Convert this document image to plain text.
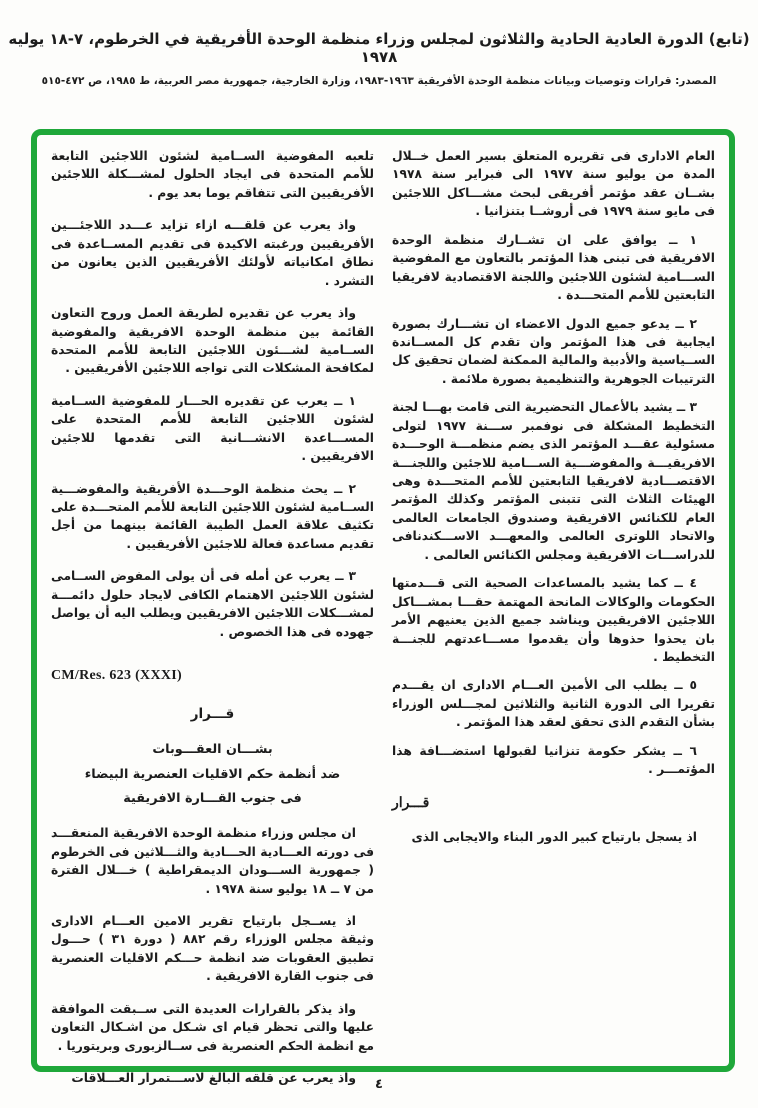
(تابع) الدورة العادية الحادية والثلاثون لمجلس وزراء منظمة الوحدة الأفريقية في الخرطوم، ٧-١٨ يوليه ١٩٧٨
المصدر: قرارات وتوصيات وبيانات منظمة الوحدة الأفريقية ١٩٦٣-١٩٨٣، وزارة الخارجية، جمهورية مصر العربية، ط ١٩٨٥، ص ٤٧٢-٥١٥

العام الادارى فى تقريره المتعلق بسير العمل خــلال المدة من يوليو سنة ١٩٧٧ الى فبراير سنة ١٩٧٨ بشــان عقد مؤتمر أفريقى لبحث مشـــاكل اللاجئين فى مايو سنة ١٩٧٩ فى أروشــا بتنزانيا .

١ ــ يوافق على ان تشــارك منظمة الوحدة الافريقية فى تبنى هذا المؤتمر بالتعاون مع المفوضية الســـامية لشئون اللاجئين واللجنة الاقتصادية لافريقيا التابعتين للأمم المتحـــدة .

٢ ــ يدعو جميع الدول الاعضاء ان تشـــارك بصورة ايجابية فى هذا المؤتمر وان تقدم كل المســاندة الســياسية والأدبية والمالية الممكنة لضمان تحقيق كل الترتيبات الجوهرية والتنظيمية بصورة ملائمة .

٣ ــ يشيد بالأعمال التحضيرية التى قامت بهـــا لجنة التخطيط المشكلة فى نوفمبر ســـنة ١٩٧٧ لتولى مسئولية عقـــد المؤتمر الذى يضم منظمـــة الوحـــدة الافريقيـــة والمفوضـــية الســـامية للاجئين واللجنـــة الاقتصـــادية لافريقيا التابعتين للأمم المتحـــدة وهى الهيئات الثلاث التى تتبنى المؤتمر وكذلك المؤتمر العام للكنائس الافريقية وصندوق الجامعات العالمى والاتحاد اللوترى العالمى والمعهـــد الاســـكندنافى للدراســـات الافريقية ومجلس الكنائس العالمى .

٤ ــ كما يشيد بالمساعدات الصحية التى قـــدمتها الحكومات والوكالات المانحة المهتمة حقـــا بمشـــاكل اللاجئين الافريقيين ويناشد جميع الذين يعنيهم الأمر بان يحذوا حذوها وأن يقدموا مســـاعدتهم للجنـــة التخطيط .

٥ ــ يطلب الى الأمين العـــام الادارى ان يقـــدم تقريرا الى الدورة الثانية والثلاثين لمجـــلس الوزراء بشأن التقدم الذى تحقق لعقد هذا المؤتمر .

٦ ــ يشكر حكومة تنزانيا لقبولها استضـــافة هذا المؤتمـــر .

قـــرار

اذ يسجل بارتياح كبير الدور البناء والايجابى الذى

تلعبه المفوضية الســامية لشئون اللاجئين التابعة للأمم المتحدة فى ايجاد الحلول لمشـــكلة اللاجئين الأفريقيين التى تتفاقم يوما بعد يوم .

واذ يعرب عن قلقـــه ازاء تزايد عـــدد اللاجئـــين الأفريقيين ورغبته الاكيدة فى تقديم المســاعدة فى نطاق امكانياته لأولئك الأفريقيين الذين يعانون من التشرد .

واذ يعرب عن تقديره لطريقة العمل وروح التعاون القائمة بين منظمة الوحدة الافريقية والمفوضية الســامية لشـــئون اللاجئين التابعة للأمم المتحدة لمكافحة المشكلات التى تواجه اللاجئين الأفريقيين .

١ ــ يعرب عن تقديره الحـــار للمفوضية الســامية لشئون اللاجئين التابعة للأمم المتحدة على المســـاعدة الانشـــانية التى تقدمها للاجئين الافريقيين .

٢ ــ يحث منظمة الوحـــدة الأفريقية والمفوضـــية الســامية لشئون اللاجئين التابعة للأمم المتحـــدة على تكثيف علاقة العمل الطيبة القائمة بينهما من أجل تقديم مساعدة فعالة للاجئين الأفريقيين .

٣ ــ يعرب عن أمله فى أن يولى المفوض الســامى لشئون اللاجئين الاهتمام الكافى لايجاد حلول دائمـــة لمشـــكلات اللاجئين الافريقيين ويطلب اليه أن يواصل جهوده فى هذا الخصوص .

CM/Res. 623 (XXXI)
قـــرار
بشـــان العقـــوبات
ضد أنظمة حكم الاقليات العنصرية البيضاء
فى جنوب القـــارة الافريقية

ان مجلس وزراء منظمة الوحدة الافريقية المنعقـــد فى دورته العـــادية الحـــادية والثـــلاثين فى الخرطوم ( جمهورية الســـودان الديمقراطية ) خـــلال الفترة من ٧ ــ ١٨ يوليو سنة ١٩٧٨ .

اذ يســجل بارتياح تقرير الامين العـــام الادارى وثيقة مجلس الوزراء رقم ٨٨٢ ( دورة ٣١ ) حـــول تطبيق العقوبات ضد انظمة حـــكم الاقليات العنصرية فى جنوب القارة الافريقية .

واذ يذكر بالقرارات العديدة التى ســبقت الموافقة عليها والتى تحظر قيام اى شـكل من اشـكال التعاون مع انظمة الحكم العنصرية فى ســالزبورى وبريتوريا .

واذ يعرب عن قلقه البالغ لاســـتمرار العـــلاقات	٤
